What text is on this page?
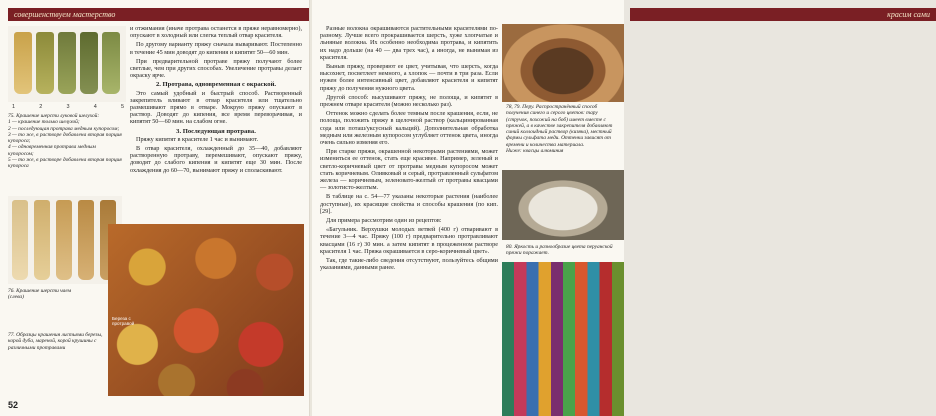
совершенствуем мастерство
1	2	3	4	5
75. Крашение шерсти луковой шелухой:
1 — крашение только шелухой;
2 — последующая протрава медным купоросом;
3 — то же, в растворе добавлена вторая порция купороса;
4 — одновременная протрава медным купоросом;
5 — то же, в растворе добавлена вторая порция купороса
76. Крашение шерсти чаем
(слева)
77. Образцы крашения листьями березы, корой дуба, мареной, корой крушины с различными протравами

и отжимания (иначе протрава останется в пряже неравномерно), опускают в холодный или слегка теплый отвар красителя.

По другому варианту пряжу сначала вываривают. Постепенно в течение 45 мин доводят до кипения и кипятят 50—60 мин.

При предварительной протраве пряжу получают более светлые, чем при других способах. Увеличение протравы делает окраску ярче.

2. Протрава, одновременная с окраской.

Это самый удобный и быстрый способ. Растворенный закрепитель вливают в отвар красителя или тщательно размешивают прямо в отваре. Мокрую пряжу опускают в раствор. Доводят до кипения, все время переворачивая, и кипятят 50—60 мин. на слабом огне.

3. Последующая протрава.

Пряжу кипятят в красителе 1 час и вынимают.

В отвар красителя, охлажденный до 35—40, добавляют растворенную протраву, перемешивают, опускают пряжу, доводят до слабого кипения и кипятят еще 30 мин. После охлаждения до 60—70, вынимают пряжу и споласкивают.

Береза с протравой
52
красим сами

Разные волокна окрашиваются растительными красителями по-разному. Лучше всего прокрашивается шерсть, хуже хлопчатые и льняные волокна. Их особенно необходима протрава, и кипятить их надо дольше (на 40 — два трех час), а иногда, не вынимая из красителя.

Выныв пряжу, проверяют ее цвет, учитывая, что шерсть, когда высохнет, посветлеет немного, а хлопок — почти в три раза. Если нужен более интенсивный цвет, добавляют красителя и кипятят пряжу до получения нужного цвета.

Другой способ: высушивают пряжу, не полоща, и кипятят в прежнем отваре красителя (можно несколько раз).

Оттенок можно сделать более темным после крашения, если, не полоща, положить пряжу в щелочной раствор (кальцинированная сода или поташ/уксусный кальций). Дополнительная обработка медным или железным купоросом углубляет оттенок цвета, иногда очень сильно изменяя его.

При старке пряжи, окрашенной некоторыми растениями, может измениться ее оттенок, стать еще красивее. Например, зеленый и светло-коричневый цвет от протравы медным купоросом может стать коричневым. Оливковый и серый, протравленный сульфатом железа — коричневым, зеленовато-желтый от протравы квасцами — золотисто-желтым.

В таблице на с. 54—77 указаны некоторые растения (наиболее доступные), их красящие свойства и способы крашения (по кип. [29].

Для примера рассмотрим один из рецептов:

«Багульник. Верхушки молодых ветвей (400 г) отваривают в течение 3—4 час. Пряжу (100 г) предварительно протравливают квасцами (16 г) 30 мин. а затем кипятят в процеженном растворе красителя 1 час. Пряжа окрашивается в серо-коричневый цвет».

Так, где такие-либо сведения отсутствуют, пользуйтесь общими указаниями, данными ранее.

78, 79. Перу. Распространённый способ получения синего и серого цветов: тару (стручок, похожий на боб) имеет вместе с пряжей, а в качестве закрепителя добавляют синий коллоидный раствор (кизяка), местный формы сульфата меди. Оттенки зависят от времени и количества материала.
Ниже: квасцы алюминия
80. Яркость и разнообразие цвета перуанской пряжи поражает.
